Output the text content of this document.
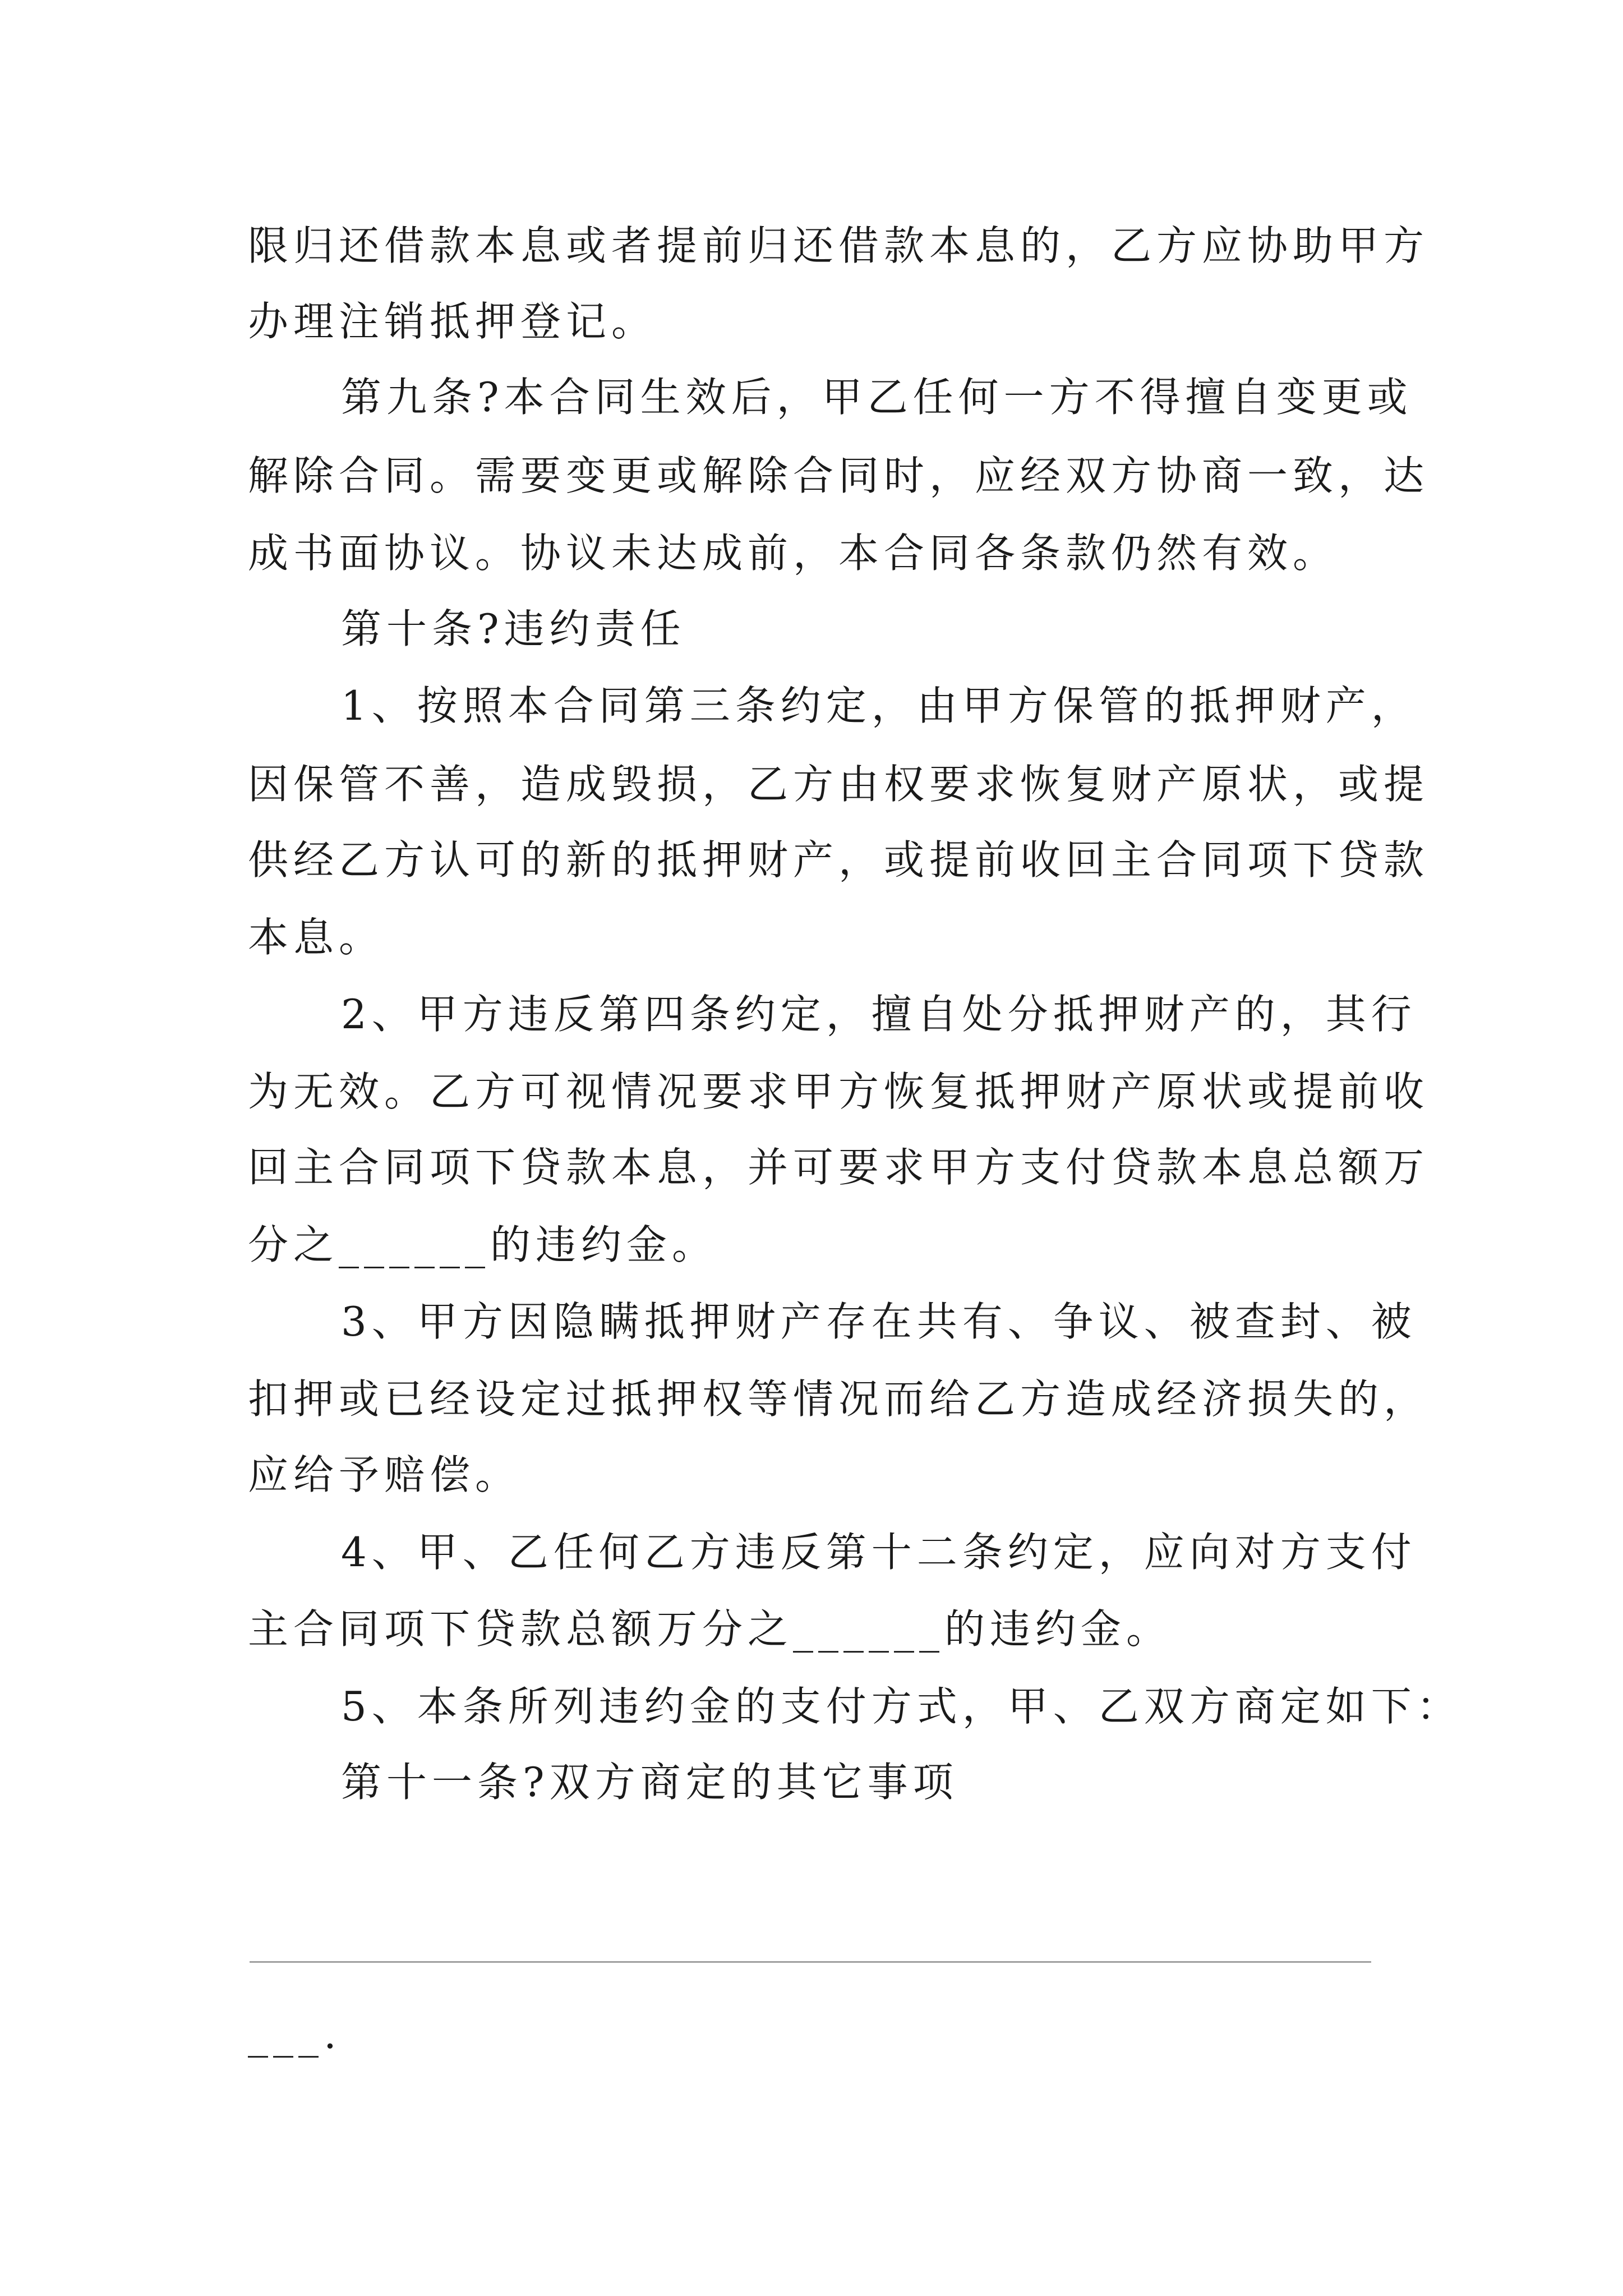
限归还借款本息或者提前归还借款本息的，乙方应协助甲方
办理注销抵押登记。
第九条?本合同生效后，甲乙任何一方不得擅自变更或
解除合同。需要变更或解除合同时，应经双方协商一致，达
成书面协议。协议未达成前，本合同各条款仍然有效。
第十条?违约责任
1、按照本合同第三条约定，由甲方保管的抵押财产，
因保管不善，造成毁损，乙方由权要求恢复财产原状，或提
供经乙方认可的新的抵押财产，或提前收回主合同项下贷款
本息。
2、甲方违反第四条约定，擅自处分抵押财产的，其行
为无效。乙方可视情况要求甲方恢复抵押财产原状或提前收
回主合同项下贷款本息，并可要求甲方支付贷款本息总额万
分之______的违约金。
3、甲方因隐瞒抵押财产存在共有、争议、被查封、被
扣押或已经设定过抵押权等情况而给乙方造成经济损失的，
应给予赔偿。
4、甲、乙任何乙方违反第十二条约定，应向对方支付
主合同项下贷款总额万分之______的违约金。
5、本条所列违约金的支付方式，甲、乙双方商定如下：
第十一条?双方商定的其它事项
___.
